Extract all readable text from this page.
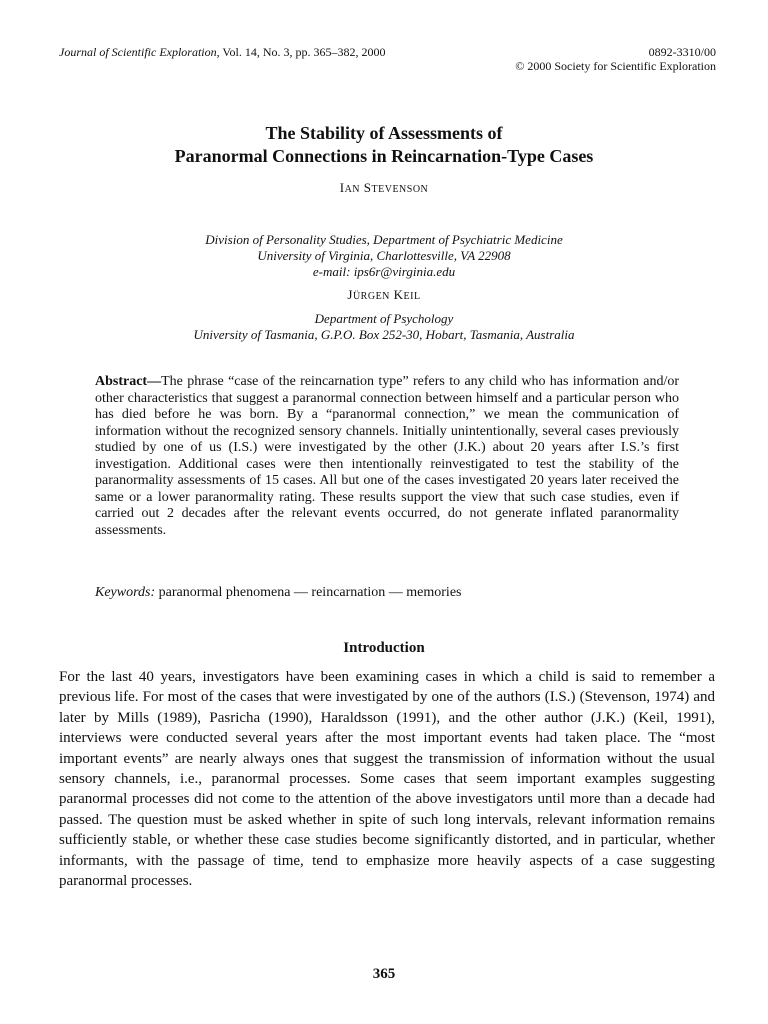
Journal of Scientific Exploration, Vol. 14, No. 3, pp. 365–382, 2000	0892-3310/00
© 2000 Society for Scientific Exploration
The Stability of Assessments of
Paranormal Connections in Reincarnation-Type Cases
IAN STEVENSON
Division of Personality Studies, Department of Psychiatric Medicine
University of Virginia, Charlottesville, VA 22908
e-mail: ips6r@virginia.edu
JÜRGEN KEIL
Department of Psychology
University of Tasmania, G.P.O. Box 252-30, Hobart, Tasmania, Australia

Abstract—The phrase “case of the reincarnation type” refers to any child who has information and/or other characteristics that suggest a paranormal connection between himself and a particular person who has died before he was born. By a “paranormal connection,” we mean the communication of information without the recognized sensory channels. Initially unintentionally, several cases previously studied by one of us (I.S.) were investigated by the other (J.K.) about 20 years after I.S.’s first investigation. Additional cases were then intentionally reinvestigated to test the stability of the paranormality assessments of 15 cases. All but one of the cases investigated 20 years later received the same or a lower paranormality rating. These results support the view that such case studies, even if carried out 2 decades after the relevant events occurred, do not generate inflated paranormality assessments.

Keywords: paranormal phenomena — reincarnation — memories

Introduction

For the last 40 years, investigators have been examining cases in which a child is said to remember a previous life. For most of the cases that were investigated by one of the authors (I.S.) (Stevenson, 1974) and later by Mills (1989), Pasricha (1990), Haraldsson (1991), and the other author (J.K.) (Keil, 1991), interviews were conducted several years after the most important events had taken place. The “most important events” are nearly always ones that suggest the transmission of information without the usual sensory channels, i.e., paranormal processes. Some cases that seem important examples suggesting paranormal processes did not come to the attention of the above investigators until more than a decade had passed. The question must be asked whether in spite of such long intervals, relevant information remains sufficiently stable, or whether these case studies become significantly distorted, and in particular, whether informants, with the passage of time, tend to emphasize more heavily aspects of a case suggesting paranormal processes.

365
